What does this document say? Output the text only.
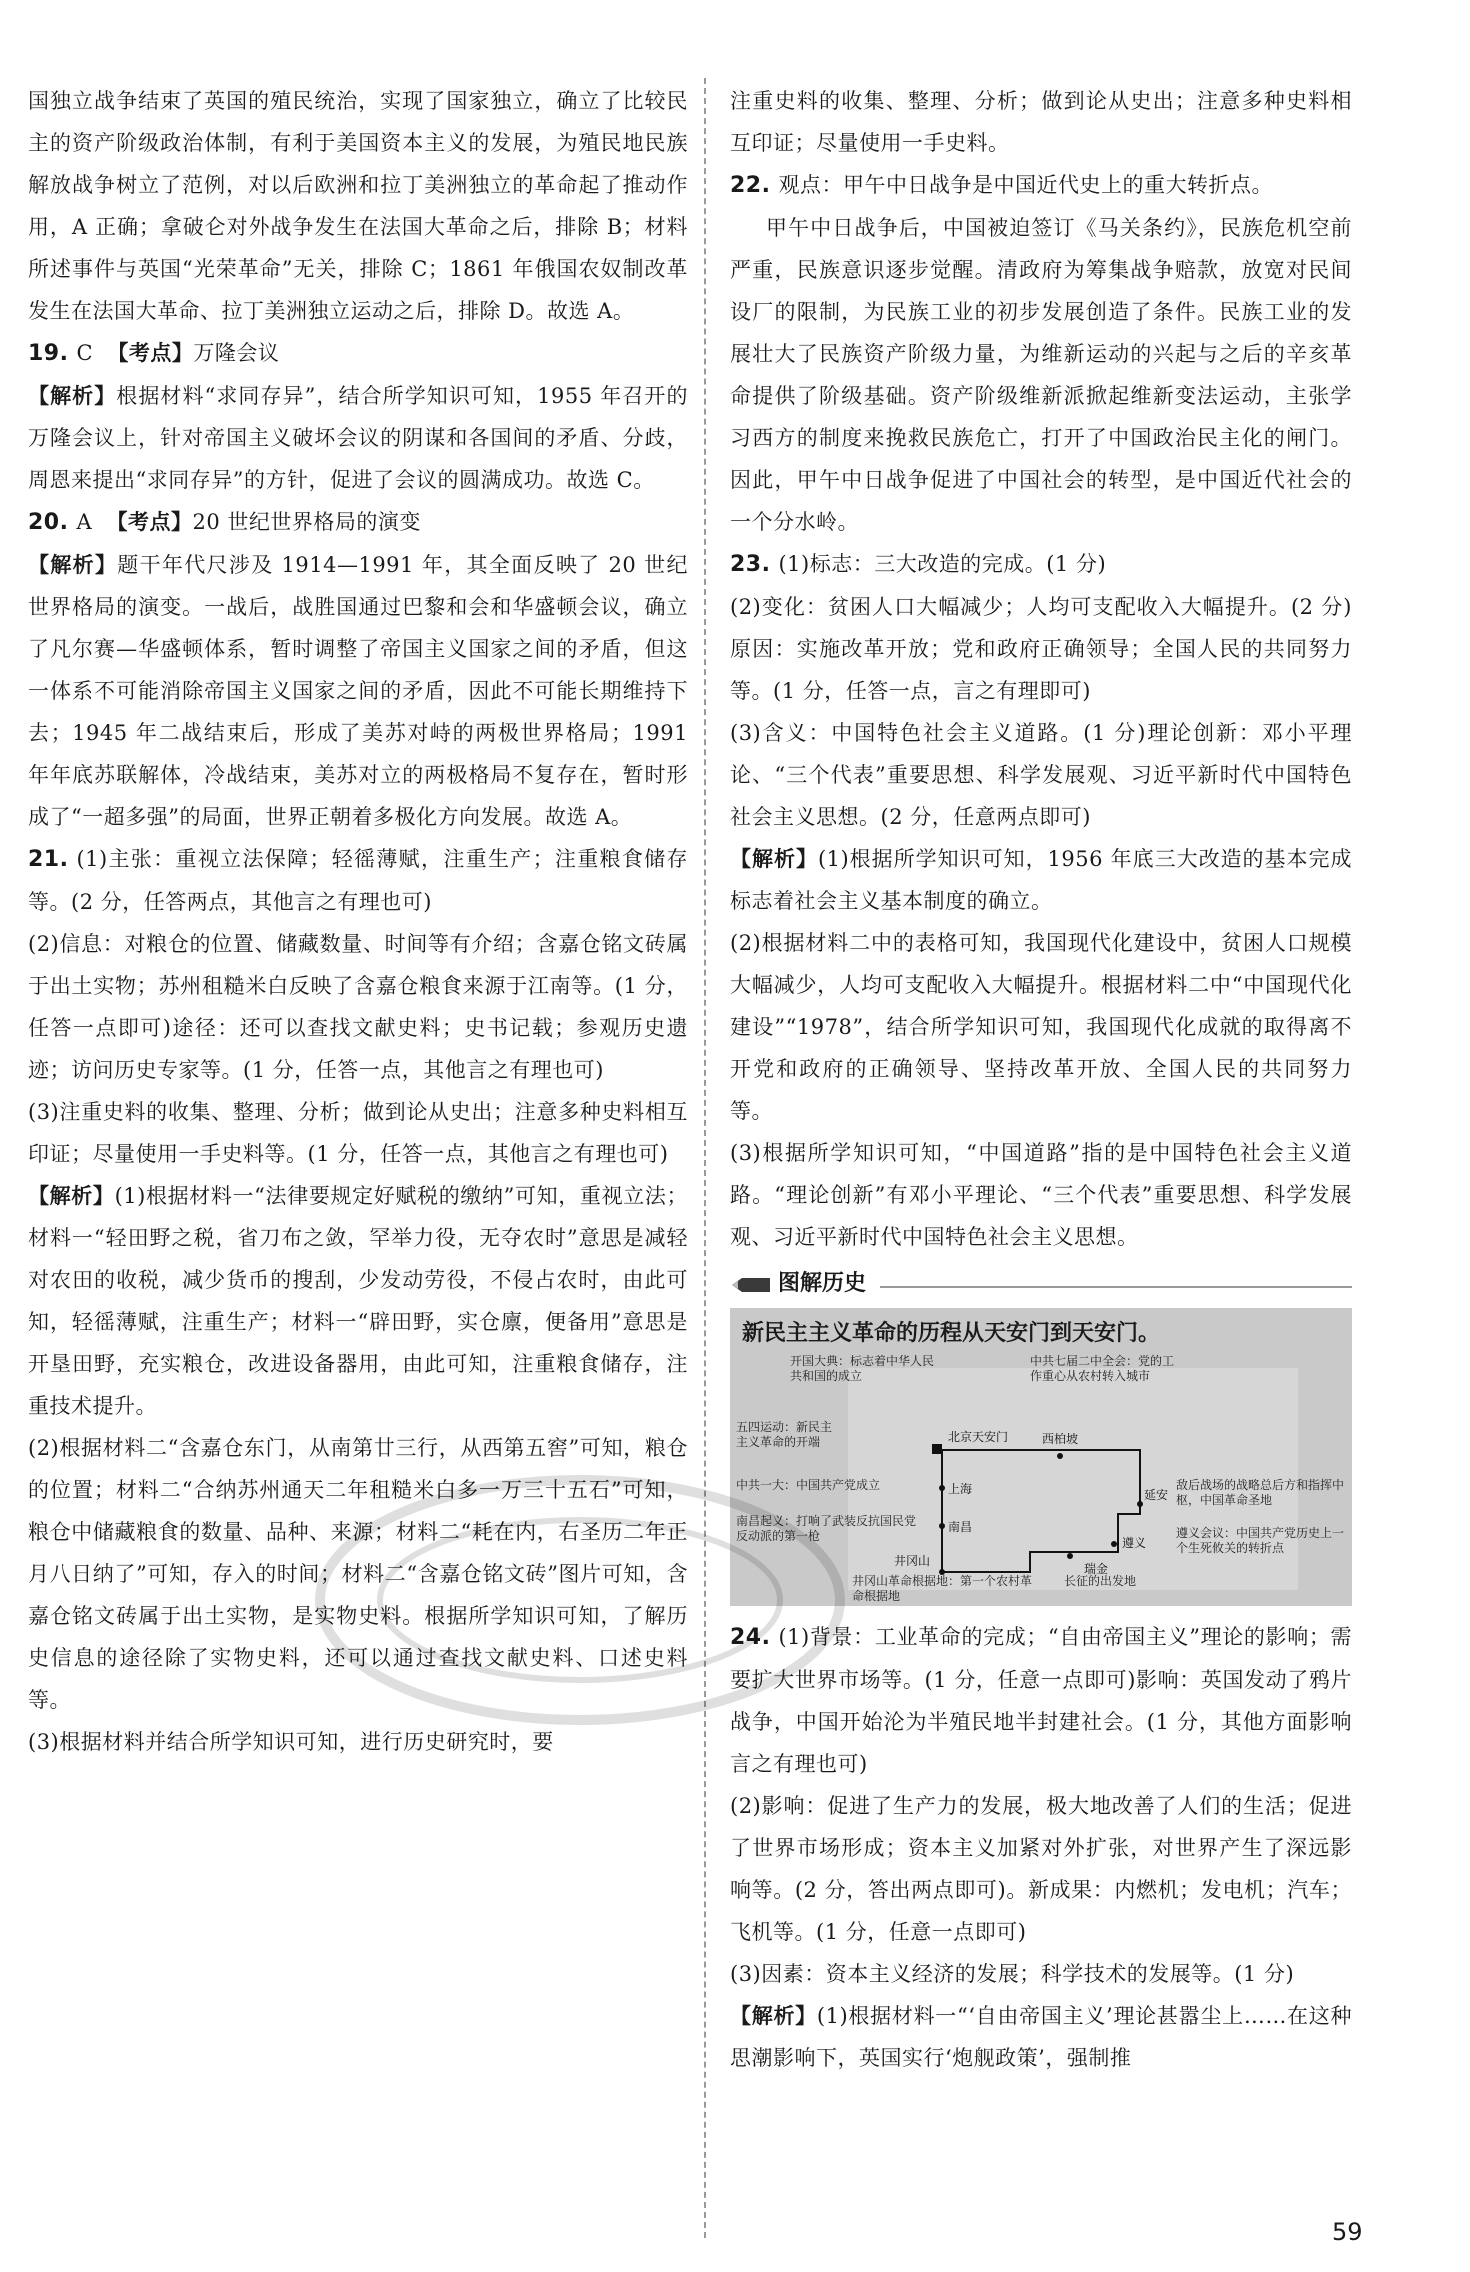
国独立战争结束了英国的殖民统治，实现了国家独立，确立了比较民主的资产阶级政治体制，有利于美国资本主义的发展，为殖民地民族解放战争树立了范例，对以后欧洲和拉丁美洲独立的革命起了推动作用，A 正确；拿破仑对外战争发生在法国大革命之后，排除 B；材料所述事件与英国“光荣革命”无关，排除 C；1861 年俄国农奴制改革发生在法国大革命、拉丁美洲独立运动之后，排除 D。故选 A。

19. C 【考点】万隆会议

【解析】根据材料“求同存异”，结合所学知识可知，1955 年召开的万隆会议上，针对帝国主义破坏会议的阴谋和各国间的矛盾、分歧，周恩来提出“求同存异”的方针，促进了会议的圆满成功。故选 C。

20. A 【考点】20 世纪世界格局的演变

【解析】题干年代尺涉及 1914—1991 年，其全面反映了 20 世纪世界格局的演变。一战后，战胜国通过巴黎和会和华盛顿会议，确立了凡尔赛—华盛顿体系，暂时调整了帝国主义国家之间的矛盾，但这一体系不可能消除帝国主义国家之间的矛盾，因此不可能长期维持下去；1945 年二战结束后，形成了美苏对峙的两极世界格局；1991 年年底苏联解体，冷战结束，美苏对立的两极格局不复存在，暂时形成了“一超多强”的局面，世界正朝着多极化方向发展。故选 A。

21. (1)主张：重视立法保障；轻徭薄赋，注重生产；注重粮食储存等。(2 分，任答两点，其他言之有理也可)

(2)信息：对粮仓的位置、储藏数量、时间等有介绍；含嘉仓铭文砖属于出土实物；苏州租糙米白反映了含嘉仓粮食来源于江南等。(1 分，任答一点即可)途径：还可以查找文献史料；史书记载；参观历史遗迹；访问历史专家等。(1 分，任答一点，其他言之有理也可)

(3)注重史料的收集、整理、分析；做到论从史出；注意多种史料相互印证；尽量使用一手史料等。(1 分，任答一点，其他言之有理也可)

【解析】(1)根据材料一“法律要规定好赋税的缴纳”可知，重视立法；材料一“轻田野之税，省刀布之敛，罕举力役，无夺农时”意思是减轻对农田的收税，减少货币的搜刮，少发动劳役，不侵占农时，由此可知，轻徭薄赋，注重生产；材料一“辟田野，实仓廪，便备用”意思是开垦田野，充实粮仓，改进设备器用，由此可知，注重粮食储存，注重技术提升。

(2)根据材料二“含嘉仓东门，从南第廿三行，从西第五窖”可知，粮仓的位置；材料二“合纳苏州通天二年租糙米白多一万三十五石”可知，粮仓中储藏粮食的数量、品种、来源；材料二“耗在内，右圣历二年正月八日纳了”可知，存入的时间；材料二“含嘉仓铭文砖”图片可知，含嘉仓铭文砖属于出土实物，是实物史料。根据所学知识可知，了解历史信息的途径除了实物史料，还可以通过查找文献史料、口述史料等。

(3)根据材料并结合所学知识可知，进行历史研究时，要

注重史料的收集、整理、分析；做到论从史出；注意多种史料相互印证；尽量使用一手史料。

22. 观点：甲午中日战争是中国近代史上的重大转折点。

甲午中日战争后，中国被迫签订《马关条约》，民族危机空前严重，民族意识逐步觉醒。清政府为筹集战争赔款，放宽对民间设厂的限制，为民族工业的初步发展创造了条件。民族工业的发展壮大了民族资产阶级力量，为维新运动的兴起与之后的辛亥革命提供了阶级基础。资产阶级维新派掀起维新变法运动，主张学习西方的制度来挽救民族危亡，打开了中国政治民主化的闸门。因此，甲午中日战争促进了中国社会的转型，是中国近代社会的一个分水岭。

23. (1)标志：三大改造的完成。(1 分)

(2)变化：贫困人口大幅减少；人均可支配收入大幅提升。(2 分)原因：实施改革开放；党和政府正确领导；全国人民的共同努力等。(1 分，任答一点，言之有理即可)

(3)含义：中国特色社会主义道路。(1 分)理论创新：邓小平理论、“三个代表”重要思想、科学发展观、习近平新时代中国特色社会主义思想。(2 分，任意两点即可)

【解析】(1)根据所学知识可知，1956 年底三大改造的基本完成标志着社会主义基本制度的确立。

(2)根据材料二中的表格可知，我国现代化建设中，贫困人口规模大幅减少，人均可支配收入大幅提升。根据材料二中“中国现代化建设”“1978”，结合所学知识可知，我国现代化成就的取得离不开党和政府的正确领导、坚持改革开放、全国人民的共同努力等。

(3)根据所学知识可知，“中国道路”指的是中国特色社会主义道路。“理论创新”有邓小平理论、“三个代表”重要思想、科学发展观、习近平新时代中国特色社会主义思想。

图解历史
新民主主义革命的历程从天安门到天安门。
开国大典：标志着中华人民共和国的成立
中共七届二中全会：党的工作重心从农村转入城市
五四运动：新民主主义革命的开端
中共一大：中国共产党成立
南昌起义：打响了武装反抗国民党反动派的第一枪
敌后战场的战略总后方和指挥中枢，中国革命圣地
遵义会议：中国共产党历史上一个生死攸关的转折点
井冈山革命根据地：第一个农村革命根据地
长征的出发地
北京天安门	西柏坡
上海	延安
南昌
遵义
井冈山
瑞金

24. (1)背景：工业革命的完成；“自由帝国主义”理论的影响；需要扩大世界市场等。(1 分，任意一点即可)影响：英国发动了鸦片战争，中国开始沦为半殖民地半封建社会。(1 分，其他方面影响言之有理也可)

(2)影响：促进了生产力的发展，极大地改善了人们的生活；促进了世界市场形成；资本主义加紧对外扩张，对世界产生了深远影响等。(2 分，答出两点即可)。新成果：内燃机；发电机；汽车；飞机等。(1 分，任意一点即可)

(3)因素：资本主义经济的发展；科学技术的发展等。(1 分)

【解析】(1)根据材料一“‘自由帝国主义’理论甚嚣尘上……在这种思潮影响下，英国实行‘炮舰政策’，强制推

59
